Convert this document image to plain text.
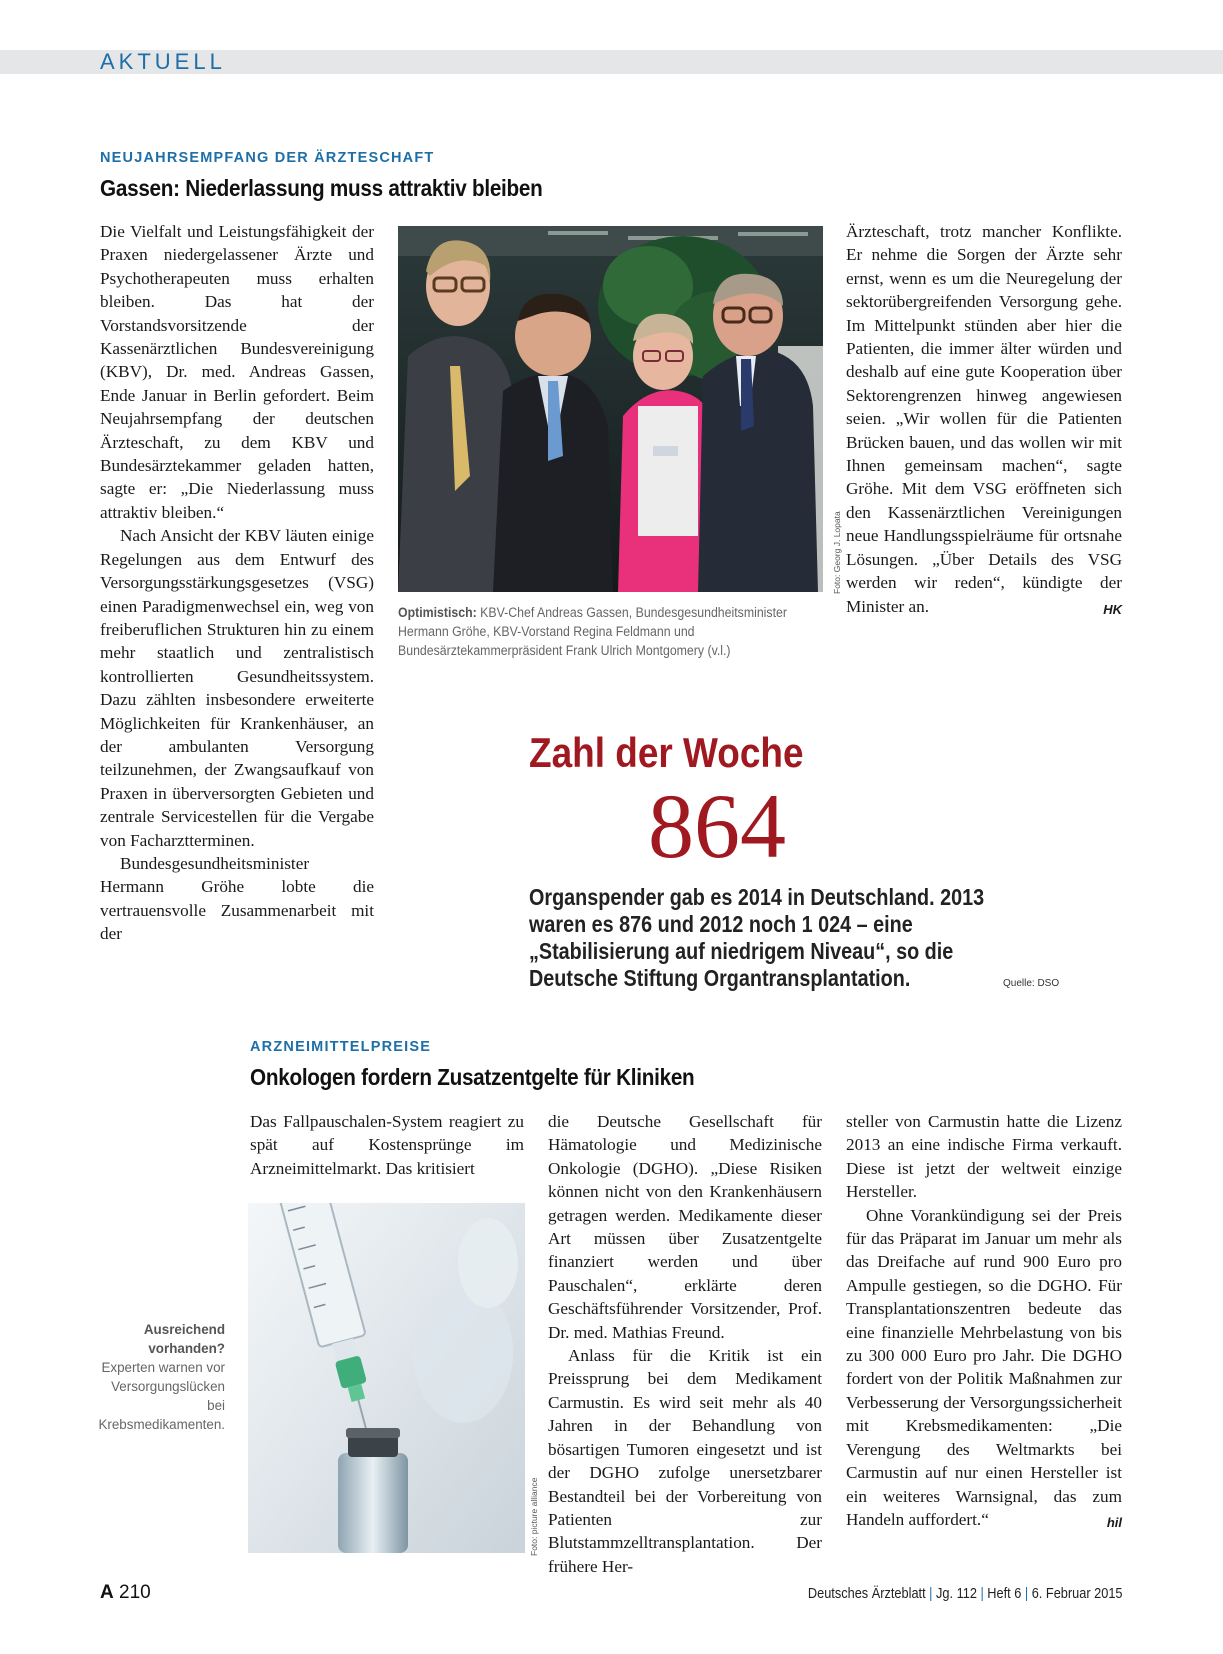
AKTUELL
NEUJAHRSEMPFANG DER ÄRZTESCHAFT
Gassen: Niederlassung muss attraktiv bleiben

Die Vielfalt und Leistungsfähigkeit der Praxen niedergelassener Ärzte und Psychotherapeuten muss erhalten bleiben. Das hat der Vorstandsvorsitzende der Kassenärztlichen Bundesvereinigung (KBV), Dr. med. Andreas Gassen, Ende Januar in Berlin gefordert. Beim Neujahrsempfang der deutschen Ärzteschaft, zu dem KBV und Bundesärztekammer geladen hatten, sagte er: „Die Niederlassung muss attraktiv bleiben.“

Nach Ansicht der KBV läuten einige Regelungen aus dem Entwurf des Versorgungsstärkungsgesetzes (VSG) einen Paradigmenwechsel ein, weg von freiberuflichen Strukturen hin zu einem mehr staatlich und zentralistisch kontrollierten Gesundheitssystem. Dazu zählten insbesondere erweiterte Möglichkeiten für Krankenhäuser, an der ambulanten Versorgung teilzunehmen, der Zwangsaufkauf von Praxen in überversorgten Gebieten und zentrale Servicestellen für die Vergabe von Facharztterminen.

Bundesgesundheitsminister Hermann Gröhe lobte die vertrauensvolle Zusammenarbeit mit der

Foto: Georg J. Lopata
Optimistisch: KBV-Chef Andreas Gassen, Bundesgesundheitsminister Hermann Gröhe, KBV-Vorstand Regina Feldmann und Bundesärztekammerpräsident Frank Ulrich Montgomery (v.l.)

Ärzteschaft, trotz mancher Konflikte. Er nehme die Sorgen der Ärzte sehr ernst, wenn es um die Neuregelung der sektorübergreifenden Versorgung gehe. Im Mittelpunkt stünden aber hier die Patienten, die immer älter würden und deshalb auf eine gute Kooperation über Sektorengrenzen hinweg angewiesen seien. „Wir wollen für die Patienten Brücken bauen, und das wollen wir mit Ihnen gemeinsam machen“, sagte Gröhe. Mit dem VSG eröffneten sich den Kassenärztlichen Vereinigungen neue Handlungsspielräume für ortsnahe Lösungen. „Über Details des VSG werden wir reden“, kündigte der Minister an.	HK

Zahl der Woche
864
Organspender gab es 2014 in Deutschland. 2013 waren es 876 und 2012 noch 1 024 – eine „Stabilisierung auf niedrigem Niveau“, so die Deutsche Stiftung Organtransplantation.	Quelle: DSO
ARZNEIMITTELPREISE
Onkologen fordern Zusatzentgelte für Kliniken

Das Fallpauschalen-System reagiert zu spät auf Kostensprünge im Arzneimittelmarkt. Das kritisiert

Foto: picture alliance
Ausreichend vorhanden? Experten warnen vor Versorgungslücken bei Krebsmedikamenten.

die Deutsche Gesellschaft für Hämatologie und Medizinische Onkologie (DGHO). „Diese Risiken können nicht von den Krankenhäusern getragen werden. Medikamente dieser Art müssen über Zusatzentgelte finanziert werden und über Pauschalen“, erklärte deren Geschäftsführender Vorsitzender, Prof. Dr. med. Mathias Freund.

Anlass für die Kritik ist ein Preissprung bei dem Medikament Carmustin. Es wird seit mehr als 40 Jahren in der Behandlung von bösartigen Tumoren eingesetzt und ist der DGHO zufolge unersetzbarer Bestandteil bei der Vorbereitung von Patienten zur Blutstammzelltransplantation. Der frühere Her-

steller von Carmustin hatte die Lizenz 2013 an eine indische Firma verkauft. Diese ist jetzt der weltweit einzige Hersteller.

Ohne Vorankündigung sei der Preis für das Präparat im Januar um mehr als das Dreifache auf rund 900 Euro pro Ampulle gestiegen, so die DGHO. Für Transplantationszentren bedeute das eine finanzielle Mehrbelastung von bis zu 300 000 Euro pro Jahr. Die DGHO fordert von der Politik Maßnahmen zur Verbesserung der Versorgungssicherheit mit Krebsmedikamenten: „Die Verengung des Weltmarkts bei Carmustin auf nur einen Hersteller ist ein weiteres Warnsignal, das zum Handeln auffordert.“	hil

A 210	Deutsches Ärzteblatt | Jg. 112 | Heft 6 | 6. Februar 2015
